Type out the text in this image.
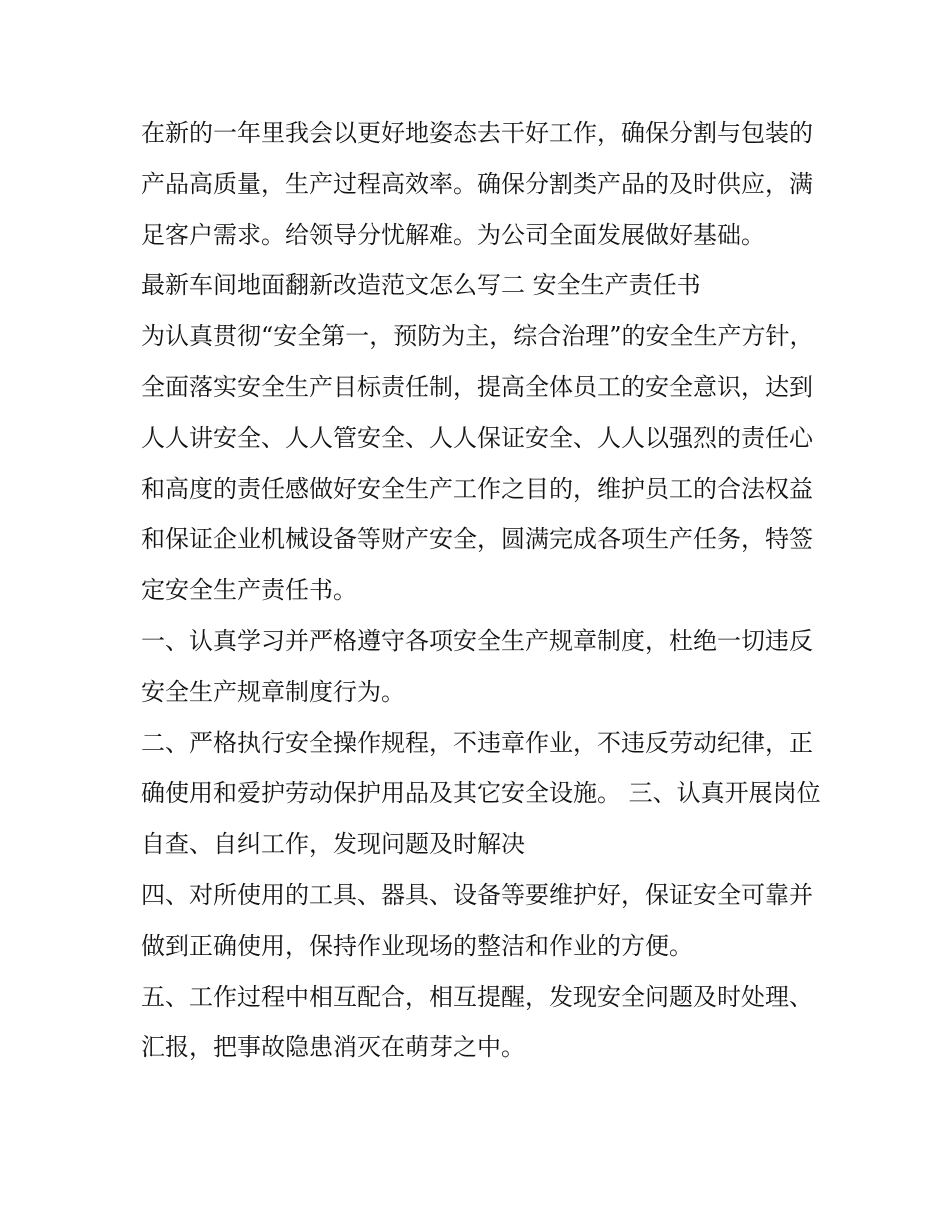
在新的一年里我会以更好地姿态去干好工作，确保分割与包装的产品高质量，生产过程高效率。确保分割类产品的及时供应，满足客户需求。给领导分忧解难。为公司全面发展做好基础。

最新车间地面翻新改造范文怎么写二 安全生产责任书

为认真贯彻“安全第一，预防为主，综合治理”的安全生产方针，全面落实安全生产目标责任制，提高全体员工的安全意识，达到人人讲安全、人人管安全、人人保证安全、人人以强烈的责任心和高度的责任感做好安全生产工作之目的，维护员工的合法权益和保证企业机械设备等财产安全，圆满完成各项生产任务，特签定安全生产责任书。

一、认真学习并严格遵守各项安全生产规章制度，杜绝一切违反安全生产规章制度行为。

二、严格执行安全操作规程，不违章作业，不违反劳动纪律，正确使用和爱护劳动保护用品及其它安全设施。 三、认真开展岗位自查、自纠工作，发现问题及时解决

四、对所使用的工具、器具、设备等要维护好，保证安全可靠并做到正确使用，保持作业现场的整洁和作业的方便。

五、工作过程中相互配合，相互提醒，发现安全问题及时处理、汇报，把事故隐患消灭在萌芽之中。
